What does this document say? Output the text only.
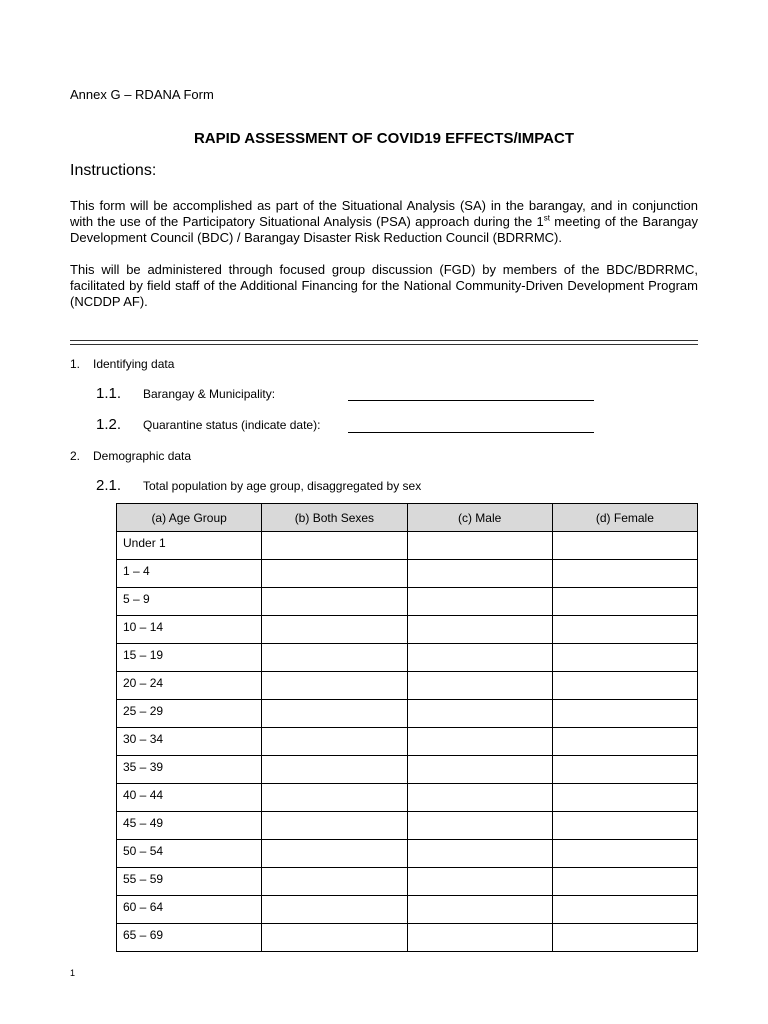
Annex G – RDANA Form
RAPID ASSESSMENT OF COVID19 EFFECTS/IMPACT
Instructions:
This form will be accomplished as part of the Situational Analysis (SA) in the barangay, and in conjunction with the use of the Participatory Situational Analysis (PSA) approach during the 1st meeting of the Barangay Development Council (BDC) / Barangay Disaster Risk Reduction Council (BDRRMC).
This will be administered through focused group discussion (FGD) by members of the BDC/BDRRMC, facilitated by field staff of the Additional Financing for the National Community-Driven Development Program (NCDDP AF).
1. Identifying data
1.1. Barangay & Municipality:
1.2. Quarantine status (indicate date):
2. Demographic data
2.1. Total population by age group, disaggregated by sex
(a) Age Group	(b) Both Sexes	(c) Male	(d) Female
Under 1			
1 – 4			
5 – 9			
10 – 14			
15 – 19			
20 – 24			
25 – 29			
30 – 34			
35 – 39			
40 – 44			
45 – 49			
50 – 54			
55 – 59			
60 – 64			
65 – 69			
1
